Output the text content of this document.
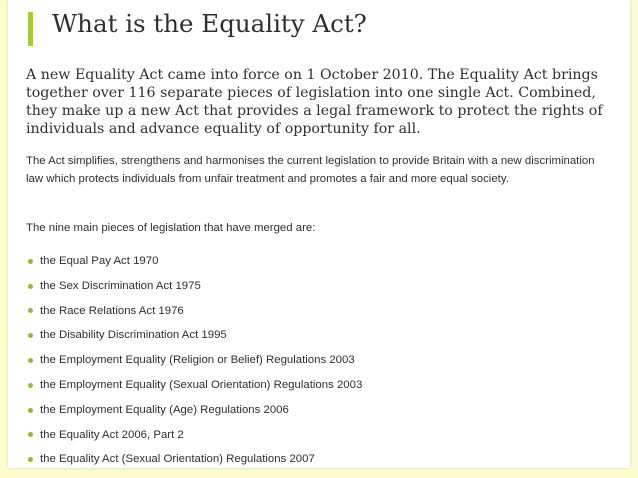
What is the Equality Act?

A new Equality Act came into force on 1 October 2010. The Equality Act brings together over 116 separate pieces of legislation into one single Act. Combined, they make up a new Act that provides a legal framework to protect the rights of individuals and advance equality of opportunity for all.

The Act simplifies, strengthens and harmonises the current legislation to provide Britain with a new discrimination law which protects individuals from unfair treatment and promotes a fair and more equal society.

The nine main pieces of legislation that have merged are:

the Equal Pay Act 1970
the Sex Discrimination Act 1975
the Race Relations Act 1976
the Disability Discrimination Act 1995
the Employment Equality (Religion or Belief) Regulations 2003
the Employment Equality (Sexual Orientation) Regulations 2003
the Employment Equality (Age) Regulations 2006
the Equality Act 2006, Part 2
the Equality Act (Sexual Orientation) Regulations 2007
